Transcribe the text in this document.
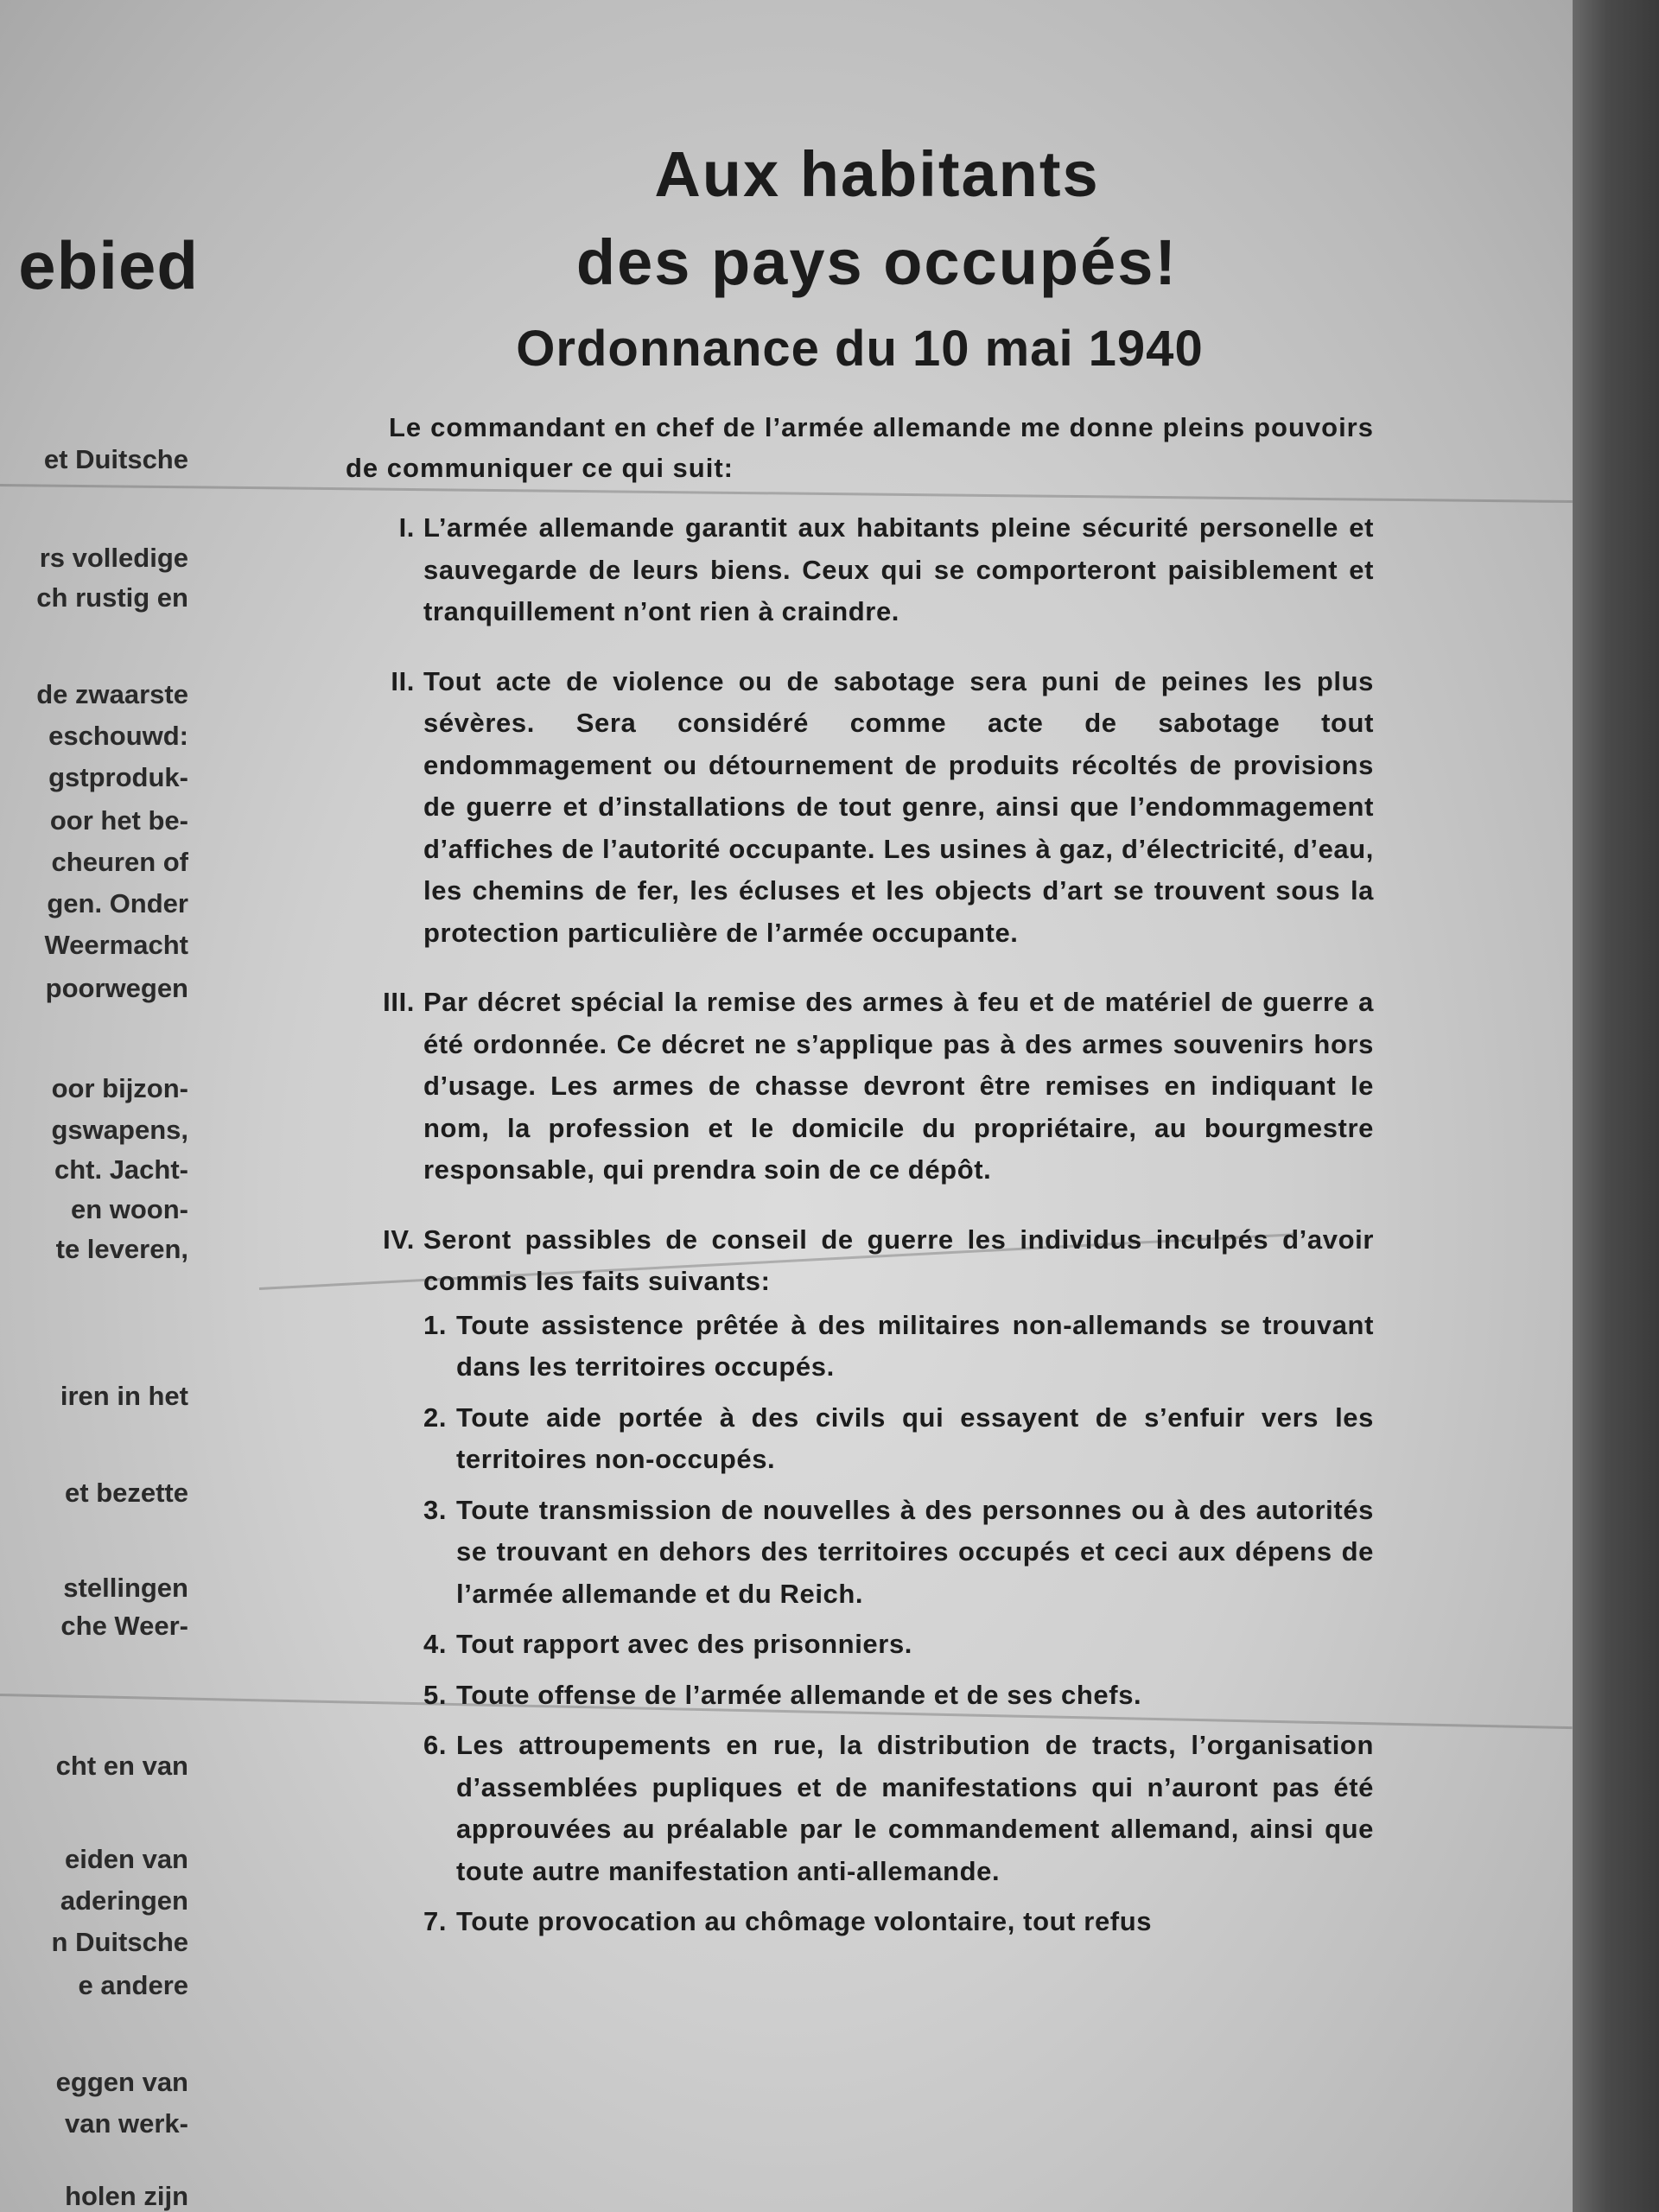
ebied
et Duitsche
rs volledige
ch rustig en
de zwaarste
eschouwd:
gstproduk-
oor het be-
cheuren of
gen. Onder
Weermacht
poorwegen
oor bijzon-
gswapens,
cht. Jacht-
en woon-
te leveren,
iren in het
et bezette
stellingen
che Weer-
cht en van
eiden van
aderingen
n Duitsche
e andere
eggen van
van werk-
holen zijn
Aux habitants
des pays occupés!
Ordonnance du 10 mai 1940

Le commandant en chef de l’armée allemande me donne pleins pouvoirs de communiquer ce qui suit:

I. L’armée allemande garantit aux habitants pleine sécurité personelle et sauvegarde de leurs biens. Ceux qui se comporteront paisiblement et tranquillement n’ont rien à craindre.
II. Tout acte de violence ou de sabotage sera puni de peines les plus sévères. Sera considéré comme acte de sabotage tout endommagement ou détournement de produits récoltés de provisions de guerre et d’installations de tout genre, ainsi que l’endommagement d’affiches de l’autorité occupante. Les usines à gaz, d’électricité, d’eau, les chemins de fer, les écluses et les objects d’art se trouvent sous la protection particulière de l’armée occupante.
III. Par décret spécial la remise des armes à feu et de matériel de guerre a été ordonnée. Ce décret ne s’applique pas à des armes souvenirs hors d’usage. Les armes de chasse devront être remises en indiquant le nom, la profession et le domicile du propriétaire, au bourgmestre responsable, qui prendra soin de ce dépôt.
IV. Seront passibles de conseil de guerre les individus inculpés d’avoir commis les faits suivants:
1. Toute assistence prêtée à des militaires non-allemands se trouvant dans les territoires occupés.
2. Toute aide portée à des civils qui essayent de s’enfuir vers les territoires non-occupés.
3. Toute transmission de nouvelles à des personnes ou à des autorités se trouvant en dehors des territoires occupés et ceci aux dépens de l’armée allemande et du Reich.
4. Tout rapport avec des prisonniers.
5. Toute offense de l’armée allemande et de ses chefs.
6. Les attroupements en rue, la distribution de tracts, l’organisation d’assemblées pupliques et de manifestations qui n’auront pas été approuvées au préalable par le commandement allemand, ainsi que toute autre manifestation anti-allemande.
7. Toute provocation au chômage volontaire, tout refus
